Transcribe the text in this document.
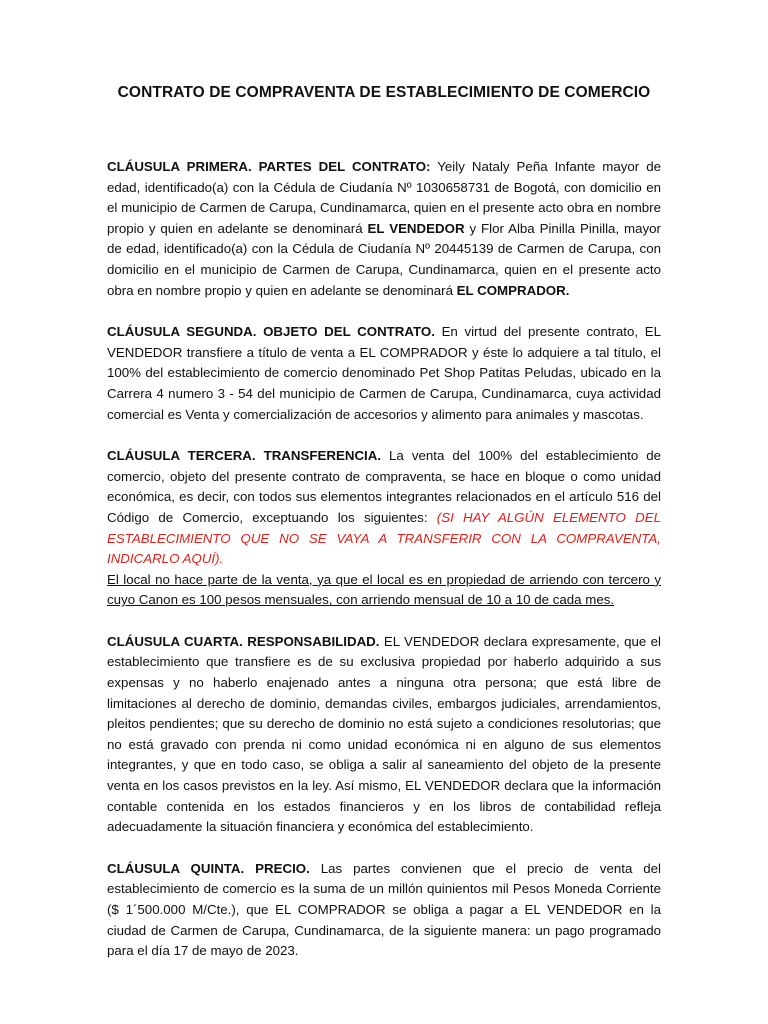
CONTRATO DE COMPRAVENTA DE ESTABLECIMIENTO DE COMERCIO

CLÁUSULA PRIMERA. PARTES DEL CONTRATO: Yeily Nataly Peña Infante mayor de edad, identificado(a) con la Cédula de Ciudanía Nº 1030658731 de Bogotá, con domicilio en el municipio de Carmen de Carupa, Cundinamarca, quien en el presente acto obra en nombre propio y quien en adelante se denominará EL VENDEDOR y Flor Alba Pinilla Pinilla, mayor de edad, identificado(a) con la Cédula de Ciudanía Nº 20445139 de Carmen de Carupa, con domicilio en el municipio de Carmen de Carupa, Cundinamarca, quien en el presente acto obra en nombre propio y quien en adelante se denominará EL COMPRADOR.

CLÁUSULA SEGUNDA. OBJETO DEL CONTRATO. En virtud del presente contrato, EL VENDEDOR transfiere a título de venta a EL COMPRADOR y éste lo adquiere a tal título, el 100% del establecimiento de comercio denominado Pet Shop Patitas Peludas, ubicado en la Carrera 4 numero 3 - 54 del municipio de Carmen de Carupa, Cundinamarca, cuya actividad comercial es Venta y comercialización de accesorios y alimento para animales y mascotas.

CLÁUSULA TERCERA. TRANSFERENCIA. La venta del 100% del establecimiento de comercio, objeto del presente contrato de compraventa, se hace en bloque o como unidad económica, es decir, con todos sus elementos integrantes relacionados en el artículo 516 del Código de Comercio, exceptuando los siguientes: (SI HAY ALGÚN ELEMENTO DEL ESTABLECIMIENTO QUE NO SE VAYA A TRANSFERIR CON LA COMPRAVENTA, INDICARLO AQUÍ).
El local no hace parte de la venta, ya que el local es en propiedad de arriendo con tercero y cuyo Canon es 100 pesos mensuales, con arriendo mensual de 10 a 10 de cada mes.

CLÁUSULA CUARTA. RESPONSABILIDAD. EL VENDEDOR declara expresamente, que el establecimiento que transfiere es de su exclusiva propiedad por haberlo adquirido a sus expensas y no haberlo enajenado antes a ninguna otra persona; que está libre de limitaciones al derecho de dominio, demandas civiles, embargos judiciales, arrendamientos, pleitos pendientes; que su derecho de dominio no está sujeto a condiciones resolutorias; que no está gravado con prenda ni como unidad económica ni en alguno de sus elementos integrantes, y que en todo caso, se obliga a salir al saneamiento del objeto de la presente venta en los casos previstos en la ley. Así mismo, EL VENDEDOR declara que la información contable contenida en los estados financieros y en los libros de contabilidad refleja adecuadamente la situación financiera y económica del establecimiento.

CLÁUSULA QUINTA. PRECIO. Las partes convienen que el precio de venta del establecimiento de comercio es la suma de un millón quinientos mil Pesos Moneda Corriente ($ 1´500.000 M/Cte.), que EL COMPRADOR se obliga a pagar a EL VENDEDOR en la ciudad de Carmen de Carupa, Cundinamarca, de la siguiente manera: un pago programado para el día 17 de mayo de 2023.
